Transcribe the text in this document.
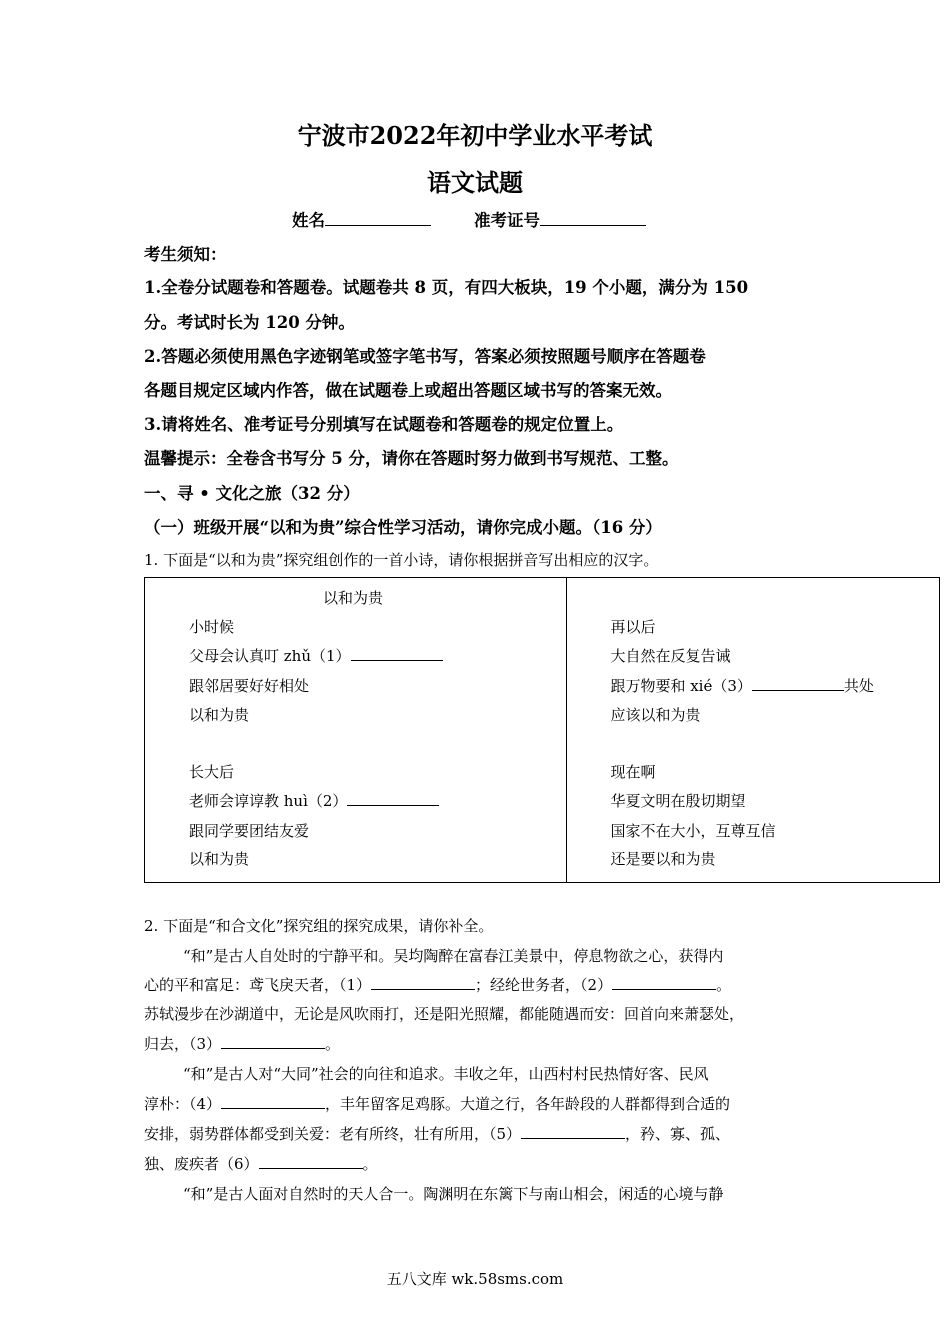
宁波市2022年初中学业水平考试
语文试题
姓名	准考证号
考生须知：
1.全卷分试题卷和答题卷。试题卷共 8 页，有四大板块，19 个小题，满分为 150
分。考试时长为 120 分钟。
2.答题必须使用黑色字迹钢笔或签字笔书写，答案必须按照题号顺序在答题卷
各题目规定区域内作答，做在试题卷上或超出答题区域书写的答案无效。
3.请将姓名、准考证号分别填写在试题卷和答题卷的规定位置上。
温馨提示：全卷含书写分 5 分，请你在答题时努力做到书写规范、工整。
一、寻 • 文化之旅（32 分）
（一）班级开展“以和为贵”综合性学习活动，请你完成小题。（16 分）
1. 下面是“以和为贵”探究组创作的一首小诗，请你根据拼音写出相应的汉字。
以和为贵
小时候
父母会认真叮 zhǔ（1）
跟邻居要好好相处
以和为贵
长大后
老师会谆谆教 huì（2）
跟同学要团结友爱
以和为贵

再以后
大自然在反复告诫
跟万物要和 xié（3）	共处
应该以和为贵
现在啊
华夏文明在殷切期望
国家不在大小，互尊互信
还是要以和为贵
2. 下面是“和合文化”探究组的探究成果，请你补全。
“和”是古人自处时的宁静平和。吴均陶醉在富春江美景中，停息物欲之心，获得内
心的平和富足：鸢飞戾天者，（1）	；经纶世务者，（2）	。
苏轼漫步在沙湖道中，无论是风吹雨打，还是阳光照耀，都能随遇而安：回首向来萧瑟处，
归去，（3）	。
“和”是古人对“大同”社会的向往和追求。丰收之年，山西村村民热情好客、民风
淳朴：（4）	，丰年留客足鸡豚。大道之行，各年龄段的人群都得到合适的
安排，弱势群体都受到关爱：老有所终，壮有所用，（5）	，矜、寡、孤、
独、废疾者（6）	。
“和”是古人面对自然时的天人合一。陶渊明在东篱下与南山相会，闲适的心境与静
五八文库 wk.58sms.com
